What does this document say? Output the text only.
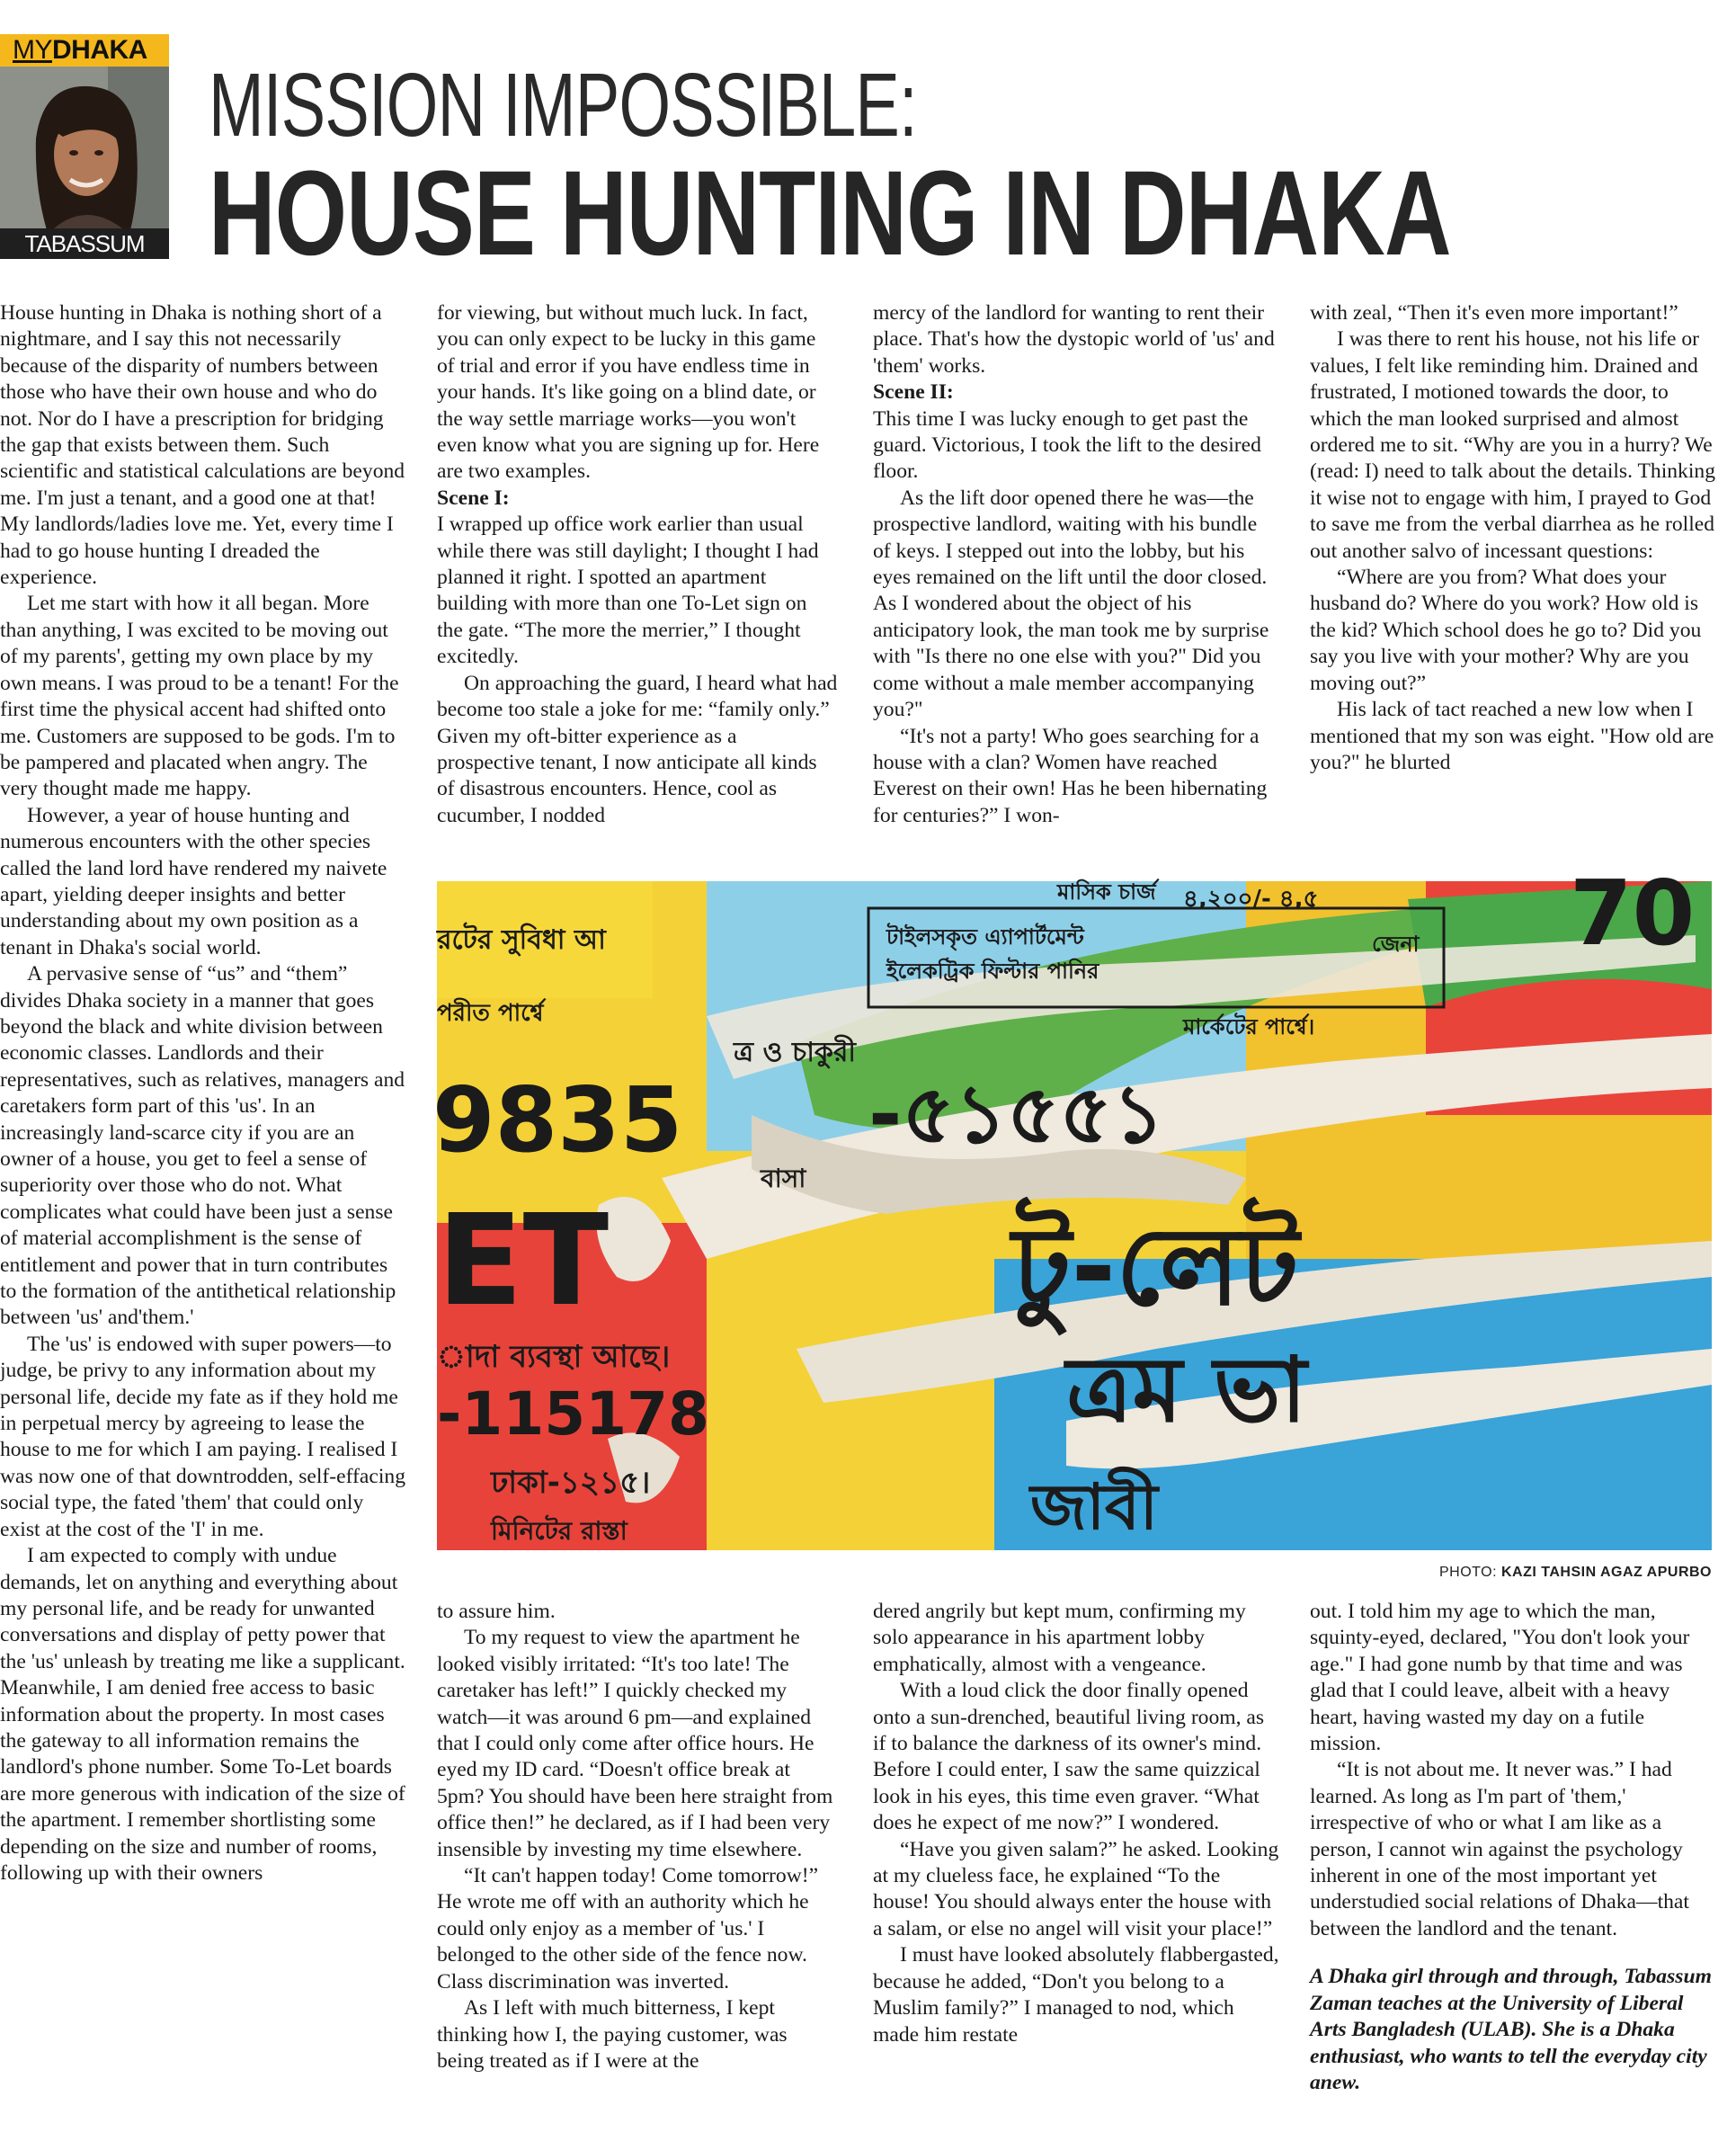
MYDHAKA
TABASSUM ZAMAN
MISSION IMPOSSIBLE:
HOUSE HUNTING IN DHAKA

House hunting in Dhaka is nothing short of a nightmare, and I say this not necessarily because of the disparity of numbers between those who have their own house and who do not. Nor do I have a prescription for bridging the gap that exists between them. Such scientific and statistical calculations are beyond me. I'm just a tenant, and a good one at that! My landlords/ladies love me. Yet, every time I had to go house hunting I dreaded the experience.

Let me start with how it all began. More than anything, I was excited to be moving out of my parents', getting my own place by my own means. I was proud to be a tenant! For the first time the physical accent had shifted onto me. Customers are supposed to be gods. I'm to be pampered and placated when angry. The very thought made me happy.

However, a year of house hunting and numerous encounters with the other species called the land lord have rendered my naivete apart, yielding deeper insights and better understanding about my own position as a tenant in Dhaka's social world.

A pervasive sense of “us” and “them” divides Dhaka society in a manner that goes beyond the black and white division between economic classes. Landlords and their representatives, such as relatives, managers and caretakers form part of this 'us'. In an increasingly land-scarce city if you are an owner of a house, you get to feel a sense of superiority over those who do not. What complicates what could have been just a sense of material accomplishment is the sense of entitlement and power that in turn contributes to the formation of the antithetical relationship between 'us' and'them.'

The 'us' is endowed with super powers—to judge, be privy to any information about my personal life, decide my fate as if they hold me in perpetual mercy by agreeing to lease the house to me for which I am paying. I realised I was now one of that downtrodden, self-effacing social type, the fated 'them' that could only exist at the cost of the 'I' in me.

I am expected to comply with undue demands, let on anything and everything about my personal life, and be ready for unwanted conversations and display of petty power that the 'us' unleash by treating me like a supplicant. Meanwhile, I am denied free access to basic information about the property. In most cases the gateway to all information remains the landlord's phone number. Some To-Let boards are more generous with indication of the size of the apartment. I remember shortlisting some depending on the size and number of rooms, following up with their owners

for viewing, but without much luck. In fact, you can only expect to be lucky in this game of trial and error if you have endless time in your hands. It's like going on a blind date, or the way settle marriage works—you won't even know what you are signing up for. Here are two examples.

Scene I:

I wrapped up office work earlier than usual while there was still daylight; I thought I had planned it right. I spotted an apartment building with more than one To-Let sign on the gate. “The more the merrier,” I thought excitedly.

On approaching the guard, I heard what had become too stale a joke for me: “family only.” Given my oft-bitter experience as a prospective tenant, I now anticipate all kinds of disastrous encounters. Hence, cool as cucumber, I nodded

mercy of the landlord for wanting to rent their place. That's how the dystopic world of 'us' and 'them' works.

Scene II:

This time I was lucky enough to get past the guard. Victorious, I took the lift to the desired floor.

As the lift door opened there he was—the prospective landlord, waiting with his bundle of keys. I stepped out into the lobby, but his eyes remained on the lift until the door closed. As I wondered about the object of his anticipatory look, the man took me by surprise with "Is there no one else with you?" Did you come without a male member accompanying you?"

“It's not a party! Who goes searching for a house with a clan? Women have reached Everest on their own! Has he been hibernating for centuries?” I won-

with zeal, “Then it's even more important!”

I was there to rent his house, not his life or values, I felt like reminding him. Drained and frustrated, I motioned towards the door, to which the man looked surprised and almost ordered me to sit. “Why are you in a hurry? We (read: I) need to talk about the details. Thinking it wise not to engage with him, I prayed to God to save me from the verbal diarrhea as he rolled out another salvo of incessant questions:

“Where are you from? What does your husband do? Where do you work? How old is the kid? Which school does he go to? Did you say you live with your mother? Why are you moving out?”

His lack of tact reached a new low when I mentioned that my son was eight. "How old are you?" he blurted

মাসিক চার্জ ৪,২০০/- ৪,৫
টাইলসকৃত এ্যাপার্টমেন্ট
ইলেকট্রিক ফিল্টার পানির
মার্কেটের পার্শ্বে।
রটের সুবিধা আ
পরীত পার্শ্বে
9835
ET
াদা ব্যবস্থা আছে।
-115178
ঢাকা-১২১৫।
মিনিটের রাস্তা
ত্র ও চাকুরী
বাসা
-৫১৫৫১
টু-লেট
ত্রম ভা
জাবী
70
জেনা
PHOTO: KAZI TAHSIN AGAZ APURBO

to assure him.

To my request to view the apartment he looked visibly irritated: “It's too late! The caretaker has left!” I quickly checked my watch—it was around 6 pm—and explained that I could only come after office hours. He eyed my ID card. “Doesn't office break at 5pm? You should have been here straight from office then!” he declared, as if I had been very insensible by investing my time elsewhere.

“It can't happen today! Come tomorrow!” He wrote me off with an authority which he could only enjoy as a member of 'us.' I belonged to the other side of the fence now. Class discrimination was inverted.

As I left with much bitterness, I kept thinking how I, the paying customer, was being treated as if I were at the

dered angrily but kept mum, confirming my solo appearance in his apartment lobby emphatically, almost with a vengeance.

With a loud click the door finally opened onto a sun-drenched, beautiful living room, as if to balance the darkness of its owner's mind. Before I could enter, I saw the same quizzical look in his eyes, this time even graver. “What does he expect of me now?” I wondered.

“Have you given salam?” he asked. Looking at my clueless face, he explained “To the house! You should always enter the house with a salam, or else no angel will visit your place!”

I must have looked absolutely flabbergasted, because he added, “Don't you belong to a Muslim family?” I managed to nod, which made him restate

out. I told him my age to which the man, squinty-eyed, declared, "You don't look your age." I had gone numb by that time and was glad that I could leave, albeit with a heavy heart, having wasted my day on a futile mission.

“It is not about me. It never was.” I had learned. As long as I'm part of 'them,' irrespective of who or what I am like as a person, I cannot win against the psychology inherent in one of the most important yet understudied social relations of Dhaka—that between the landlord and the tenant.

A Dhaka girl through and through, Tabassum Zaman teaches at the University of Liberal Arts Bangladesh (ULAB). She is a Dhaka enthusiast, who wants to tell the everyday city anew.
